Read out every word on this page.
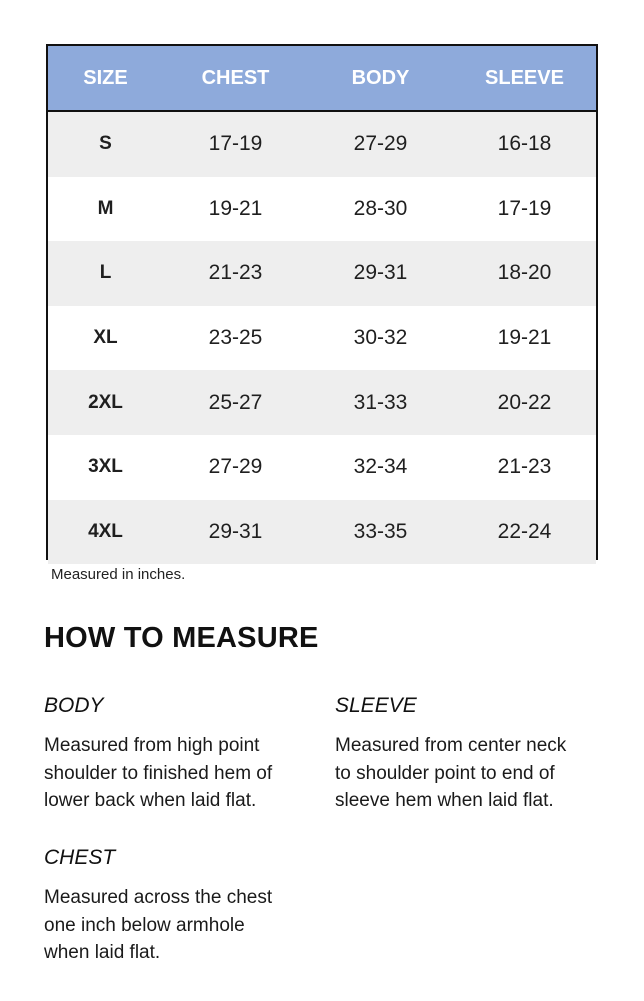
SIZE	CHEST	BODY	SLEEVE
S	17-19	27-29	16-18
M	19-21	28-30	17-19
L	21-23	29-31	18-20
XL	23-25	30-32	19-21
2XL	25-27	31-33	20-22
3XL	27-29	32-34	21-23
4XL	29-31	33-35	22-24
Measured in inches.
HOW TO MEASURE

BODY

Measured from high point
shoulder to finished hem of
lower back when laid flat.

SLEEVE

Measured from center neck
to shoulder point to end of
sleeve hem when laid flat.

CHEST

Measured across the chest
one inch below armhole
when laid flat.
